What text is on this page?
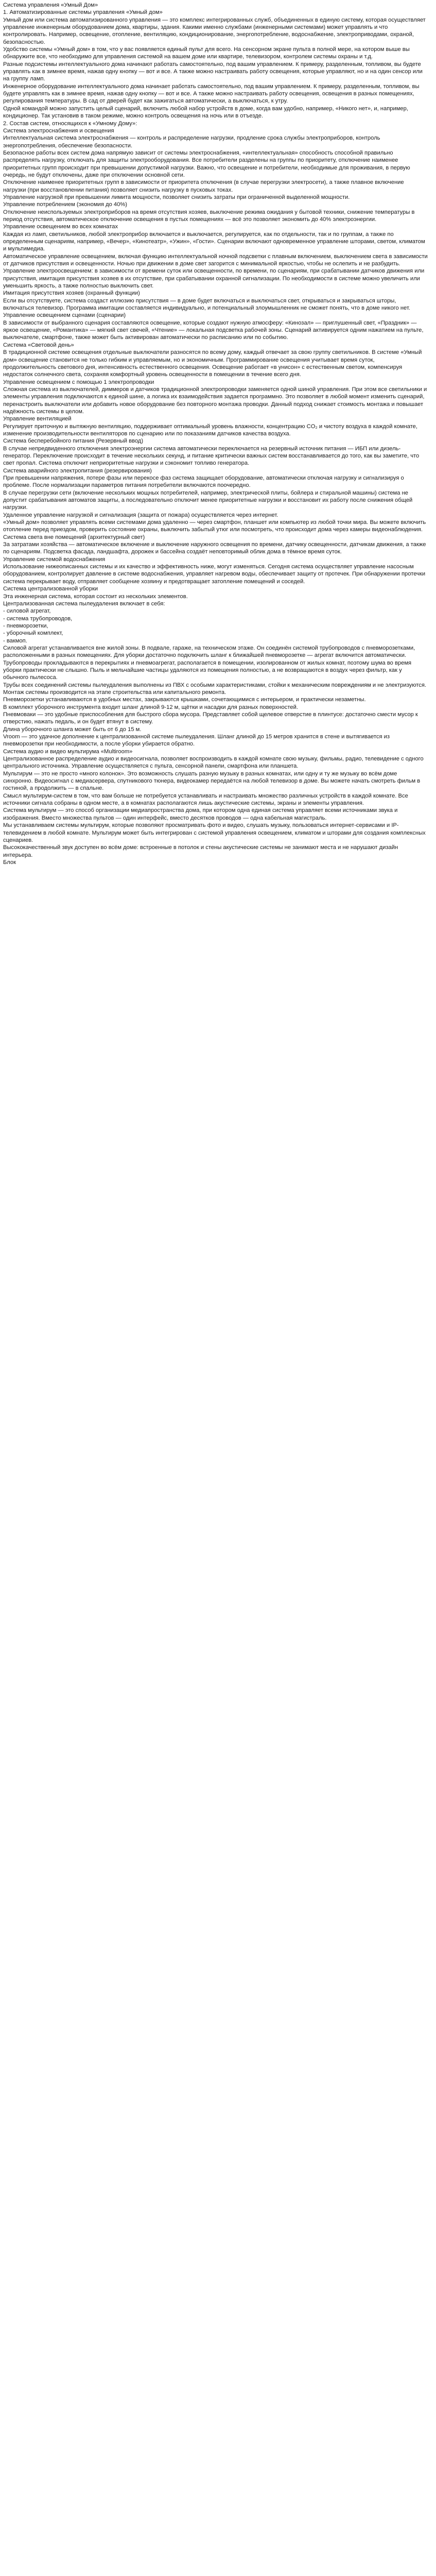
Система управления «Умный Дом»
1. Автоматизированные системы управления «Умный дом»
Умный дом или система автоматизированного управления — это комплекс интегрированных служб, объединенных в единую систему, которая осуществляет управление инженерным оборудованием дома, квартиры, здания. Какими именно службами (инженерными системами) может управлять и что контролировать. Например, освещение, отопление, вентиляцию, кондиционирование, энергопотребление, водоснабжение, электроприводами, охраной, безопасностью.
Удобство системы «Умный дом» в том, что у вас появляется единый пульт для всего. На сенсорном экране пульта в полной мере, на котором выше вы обнаружите все, что необходимо для управления системой на вашем доме или квартире, телевизором, контролем системы охраны и т.д.
Разные подсистемы интеллектуального дома начинают работать самостоятельно, под вашим управлением. К примеру, разделенным, топливом, вы будете управлять как в зимнее время, нажав одну кнопку — вот и все. А также можно настраивать работу освещения, которые управляют, но и на один сенсор или на группу ламп.
Инженерное оборудование интеллектуального дома начинает работать самостоятельно, под вашим управлением. К примеру, разделенным, топливом, вы будете управлять как в зимнее время, нажав одну кнопку — вот и все. А также можно настраивать работу освещения, освещения в разных помещениях, регулирования температуры. В сад от дверей будет как зажигаться автоматически, а выключаться, к утру.
Одной командой можно запустить целый сценарий, включить любой набор устройств в доме, когда вам удобно, например, «Никого нет», и, например, кондиционер. Так установив в таком режиме, можно контроль освещения на ночь или в отъезде.
2. Состав систем, относящихся к «Умному Дому»:
Система электроснабжения и освещения
Интеллектуальная система электроснабжения — контроль и распределение нагрузки, продление срока службы электроприборов, контроль энергопотребления, обеспечение безопасности.
Безопасное работы всех систем дома напрямую зависит от системы электроснабжения, «интеллектуальная» способность способной правильно распределять нагрузку, отключать для защиты электрооборудования. Все потребители разделены на группы по приоритету, отключение наименее приоритетных групп происходит при превышении допустимой нагрузки. Важно, что освещение и потребители, необходимые для проживания, в первую очередь, не будут отключены, даже при отключении основной сети.
Отключение наименее приоритетных групп в зависимости от приоритета отключения (в случае перегрузки электросети), а также плавное включение нагрузки (при восстановлении питания) позволяет снизить нагрузку в пусковых токах.
Управление нагрузкой при превышении лимита мощности, позволяет снизить затраты при ограниченной выделенной мощности.
Управление потреблением (экономия до 40%)
Отключение неиспользуемых электроприборов на время отсутствия хозяев, выключение режима ожидания у бытовой техники, снижение температуры в период отсутствия, автоматическое отключение освещения в пустых помещениях — всё это позволяет экономить до 40% электроэнергии.
Управление освещением во всех комнатах
Каждая из ламп, светильников, любой электроприбор включается и выключается, регулируется, как по отдельности, так и по группам, а также по определенным сценариям, например, «Вечер», «Кинотеатр», «Ужин», «Гости». Сценарии включают одновременное управление шторами, светом, климатом и мультимедиа.
Автоматическое управление освещением, включая функцию интеллектуальной ночной подсветки с плавным включением, выключением света в зависимости от датчиков присутствия и освещенности. Ночью при движении в доме свет загорится с минимальной яркостью, чтобы не ослепить и не разбудить.
Управление электроосвещением: в зависимости от времени суток или освещенности, по времени, по сценариям, при срабатывании датчиков движения или присутствия, имитация присутствия хозяев в их отсутствие, при срабатывании охранной сигнализации. По необходимости в системе можно увеличить или уменьшить яркость, а также полностью выключить свет.
Имитация присутствия хозяев (охранный функции)
Если вы отсутствуете, система создаст иллюзию присутствия — в доме будет включаться и выключаться свет, открываться и закрываться шторы, включаться телевизор. Программа имитации составляется индивидуально, и потенциальный злоумышленник не сможет понять, что в доме никого нет.
Управление освещением сценами (сценарии)
В зависимости от выбранного сценария составляются освещение, которые создают нужную атмосферу: «Кинозал» — приглушенный свет, «Праздник» — яркое освещение, «Романтика» — мягкий свет свечей, «Чтение» — локальная подсветка рабочей зоны. Сценарий активируется одним нажатием на пульте, выключателе, смартфоне, также может быть активирован автоматически по расписанию или по событию.
Система «Световой день»
В традиционной системе освещения отдельные выключатели разносятся по всему дому, каждый отвечает за свою группу светильников. В системе «Умный дом» освещение становится не только гибким и управляемым, но и экономичным. Программирование освещения учитывает время суток, продолжительность светового дня, интенсивность естественного освещения. Освещение работает «в унисон» с естественным светом, компенсируя недостаток солнечного света, сохраняя комфортный уровень освещенности в помещении в течение всего дня.
Управление освещением с помощью 1 электропроводки
Сложная система из выключателей, диммеров и датчиков традиционной электропроводки заменяется одной шиной управления. При этом все светильники и элементы управления подключаются к единой шине, а логика их взаимодействия задается программно. Это позволяет в любой момент изменить сценарий, перенастроить выключатели или добавить новое оборудование без повторного монтажа проводки. Данный подход снижает стоимость монтажа и повышает надёжность системы в целом.
Управление вентиляцией
Регулирует приточную и вытяжную вентиляцию, поддерживает оптимальный уровень влажности, концентрацию CO₂ и чистоту воздуха в каждой комнате, изменение производительности вентиляторов по сценарию или по показаниям датчиков качества воздуха.
Система бесперебойного питания (Резервный ввод)
В случае непредвиденного отключения электроэнергии система автоматически переключается на резервный источник питания — ИБП или дизель-генератор. Переключение происходит в течение нескольких секунд, и питание критически важных систем восстанавливается до того, как вы заметите, что свет пропал. Система отключит неприоритетные нагрузки и сэкономит топливо генератора.
Система аварийного электропитания (резервирования)
При превышении напряжения, потере фазы или перекосе фаз система защищает оборудование, автоматически отключая нагрузку и сигнализируя о проблеме. После нормализации параметров питания потребители включаются поочередно.
В случае перегрузки сети (включение нескольких мощных потребителей, например, электрической плиты, бойлера и стиральной машины) система не допустит срабатывания автоматов защиты, а последовательно отключит менее приоритетные нагрузки и восстановит их работу после снижения общей нагрузки.
Удаленное управление нагрузкой и сигнализация (защита от пожара) осуществляется через интернет.
«Умный дом» позволяет управлять всеми системами дома удаленно — через смартфон, планшет или компьютер из любой точки мира. Вы можете включить отопление перед приездом, проверить состояние охраны, выключить забытый утюг или посмотреть, что происходит дома через камеры видеонаблюдения.
Система света вне помещений (архитектурный свет)
За затратами хозяйства — автоматическое включение и выключение наружного освещения по времени, датчику освещенности, датчикам движения, а также по сценариям. Подсветка фасада, ландшафта, дорожек и бассейна создаёт неповторимый облик дома в тёмное время суток.
Управление системой водоснабжения
Использование нижеописанных системы и их качество и эффективность ниже, могут изменяться. Сегодня система осуществляет управление насосным оборудованием, контролирует давление в системе водоснабжения, управляет нагревом воды, обеспечивает защиту от протечек. При обнаружении протечки система перекрывает воду, отправляет сообщение хозяину и предотвращает затопление помещений и соседей.
Система централизованной уборки
Эта инженерная система, которая состоит из нескольких элементов.
Централизованная система пылеудаления включает в себя:
- силовой агрегат,
- система трубопроводов,
- пневморозетки,
- уборочный комплект,
- вакмоп.
Силовой агрегат устанавливается вне жилой зоны. В подвале, гараже, на техническом этаже. Он соединён системой трубопроводов с пневморозетками, расположенными в разных помещениях. Для уборки достаточно подключить шланг к ближайшей пневморозетке — агрегат включится автоматически.
Трубопроводы прокладываются в перекрытиях и пневмоагрегат, располагается в помещении, изолированном от жилых комнат, поэтому шума во время уборки практически не слышно. Пыль и мельчайшие частицы удаляются из помещения полностью, а не возвращаются в воздух через фильтр, как у обычного пылесоса.
Трубы всех соединений системы пылеудаления выполнены из ПВХ с особыми характеристиками, стойки к механическим повреждениям и не электризуются. Монтаж системы производится на этапе строительства или капитального ремонта.
Пневморозетки устанавливаются в удобных местах, закрываются крышками, сочетающимися с интерьером, и практически незаметны.
В комплект уборочного инструмента входит шланг длиной 9-12 м, щётки и насадки для разных поверхностей.
Пневмоваки — это удобные приспособления для быстрого сбора мусора. Представляет собой щелевое отверстие в плинтусе: достаточно смести мусор к отверстию, нажать педаль, и он будет втянут в систему.
Длина уборочного шланга может быть от 6 до 15 м.
Vroom — это удачное дополнение к централизованной системе пылеудаления. Шланг длиной до 15 метров хранится в стене и вытягивается из пневморозетки при необходимости, а после уборки убирается обратно.
Система аудио и видео мультирума «Multiroom»
Централизованное распределение аудио и видеосигнала, позволяет воспроизводить в каждой комнате свою музыку, фильмы, радио, телевидение с одного центрального источника. Управление осуществляется с пульта, сенсорной панели, смартфона или планшета.
Мультирум — это не просто «много колонок». Это возможность слушать разную музыку в разных комнатах, или одну и ту же музыку во всём доме синхронно. Видеосигнал с медиасервера, спутникового тюнера, видеокамер передаётся на любой телевизор в доме. Вы можете начать смотреть фильм в гостиной, а продолжить — в спальне.
Смысл мультирум-систем в том, что вам больше не потребуется устанавливать и настраивать множество различных устройств в каждой комнате. Все источники сигнала собраны в одном месте, а в комнатах располагаются лишь акустические системы, экраны и элементы управления.
Система мультирум — это способ организации медиапространства дома, при котором одна единая система управляет всеми источниками звука и изображения. Вместо множества пультов — один интерфейс, вместо десятков проводов — одна кабельная магистраль.
Мы устанавливаем системы мультирум, которые позволяют просматривать фото и видео, слушать музыку, пользоваться интернет-сервисами и IP-телевидением в любой комнате. Мультирум может быть интегрирован с системой управления освещением, климатом и шторами для создания комплексных сценариев.
Высококачественный звук доступен во всём доме: встроенные в потолок и стены акустические системы не занимают места и не нарушают дизайн интерьера.
Блок
